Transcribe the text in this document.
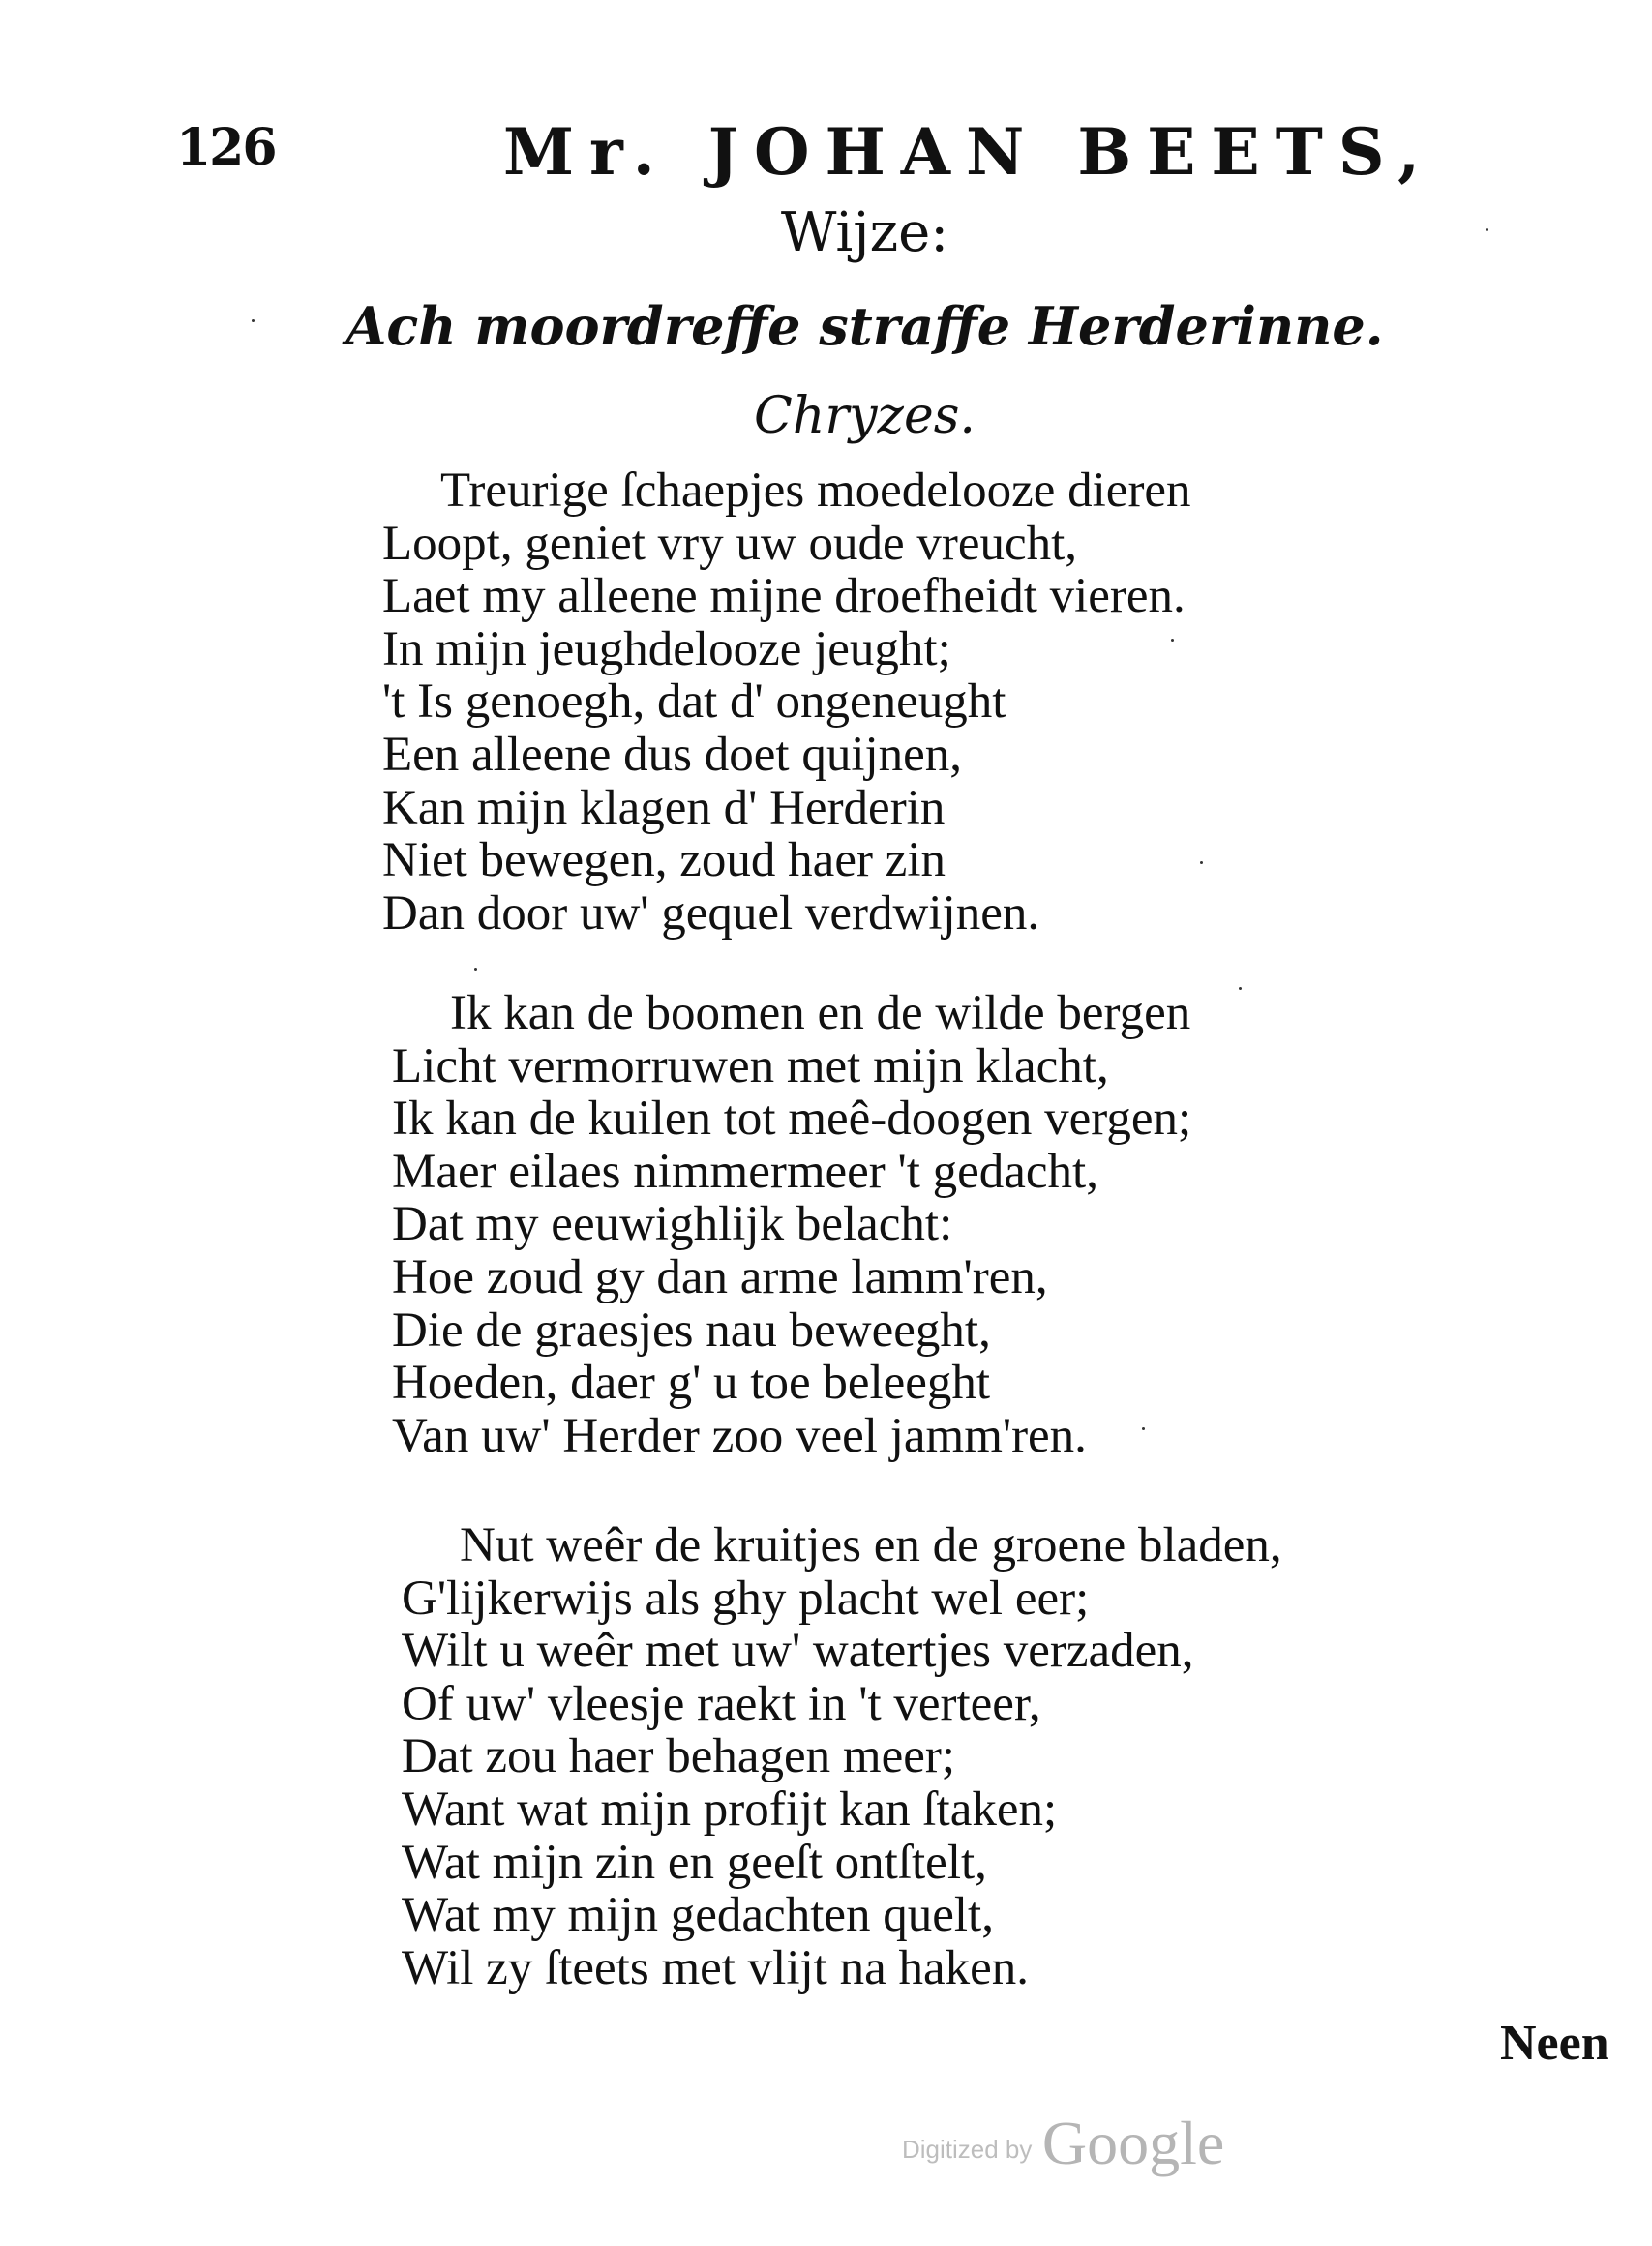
126	Mr. JOHAN BEETS,
Wijze:
Ach moordreffe straffe Herderinne.
Chryzes.
Treurige ſchaepjes moedelooze dieren
Loopt, geniet vry uw oude vreucht,
Laet my alleene mijne droefheidt vieren.
In mijn jeughdelooze jeught;
't Is genoegh, dat d' ongeneught
Een alleene dus doet quijnen,
Kan mijn klagen d' Herderin
Niet bewegen, zoud haer zin
Dan door uw' gequel verdwijnen.
Ik kan de boomen en de wilde bergen
Licht vermorruwen met mijn klacht,
Ik kan de kuilen tot meê-doogen vergen;
Maer eilaes nimmermeer 't gedacht,
Dat my eeuwighlijk belacht:
Hoe zoud gy dan arme lamm'ren,
Die de graesjes nau beweeght,
Hoeden, daer g' u toe beleeght
Van uw' Herder zoo veel jamm'ren.
Nut weêr de kruitjes en de groene bladen,
G'lijkerwijs als ghy placht wel eer;
Wilt u weêr met uw' watertjes verzaden,
Of uw' vleesje raekt in 't verteer,
Dat zou haer behagen meer;
Want wat mijn profijt kan ſtaken;
Wat mijn zin en geeſt ontſtelt,
Wat my mijn gedachten quelt,
Wil zy ſteets met vlijt na haken.
Neen
Digitized by Google
